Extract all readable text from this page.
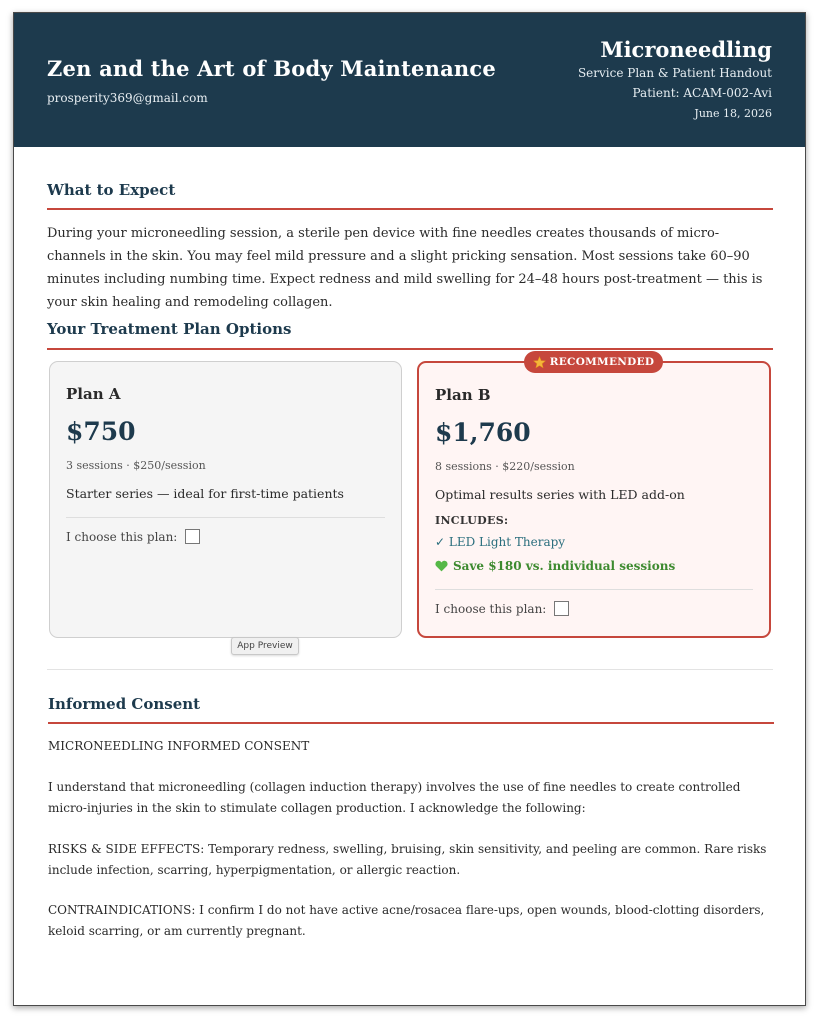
Zen and the Art of Body Maintenance
prosperity369@gmail.com
Microneedling
Service Plan & Patient Handout
Patient: ACAM-002-Avi
June 18, 2026
What to Expect
During your microneedling session, a sterile pen device with fine needles creates thousands of micro-channels in the skin. You may feel mild pressure and a slight pricking sensation. Most sessions take 60–90 minutes including numbing time. Expect redness and mild swelling for 24–48 hours post-treatment — this is your skin healing and remodeling collagen.
Your Treatment Plan Options
Plan A
$750
3 sessions · $250/session
Starter series — ideal for first-time patients
I choose this plan:
Plan B
$1,760
8 sessions · $220/session
Optimal results series with LED add-on
INCLUDES:
✓ LED Light Therapy
Save $180 vs. individual sessions
I choose this plan:
RECOMMENDED
App Preview
Informed Consent
MICRONEEDLING INFORMED CONSENT
I understand that microneedling (collagen induction therapy) involves the use of fine needles to create controlled micro-injuries in the skin to stimulate collagen production. I acknowledge the following:
RISKS & SIDE EFFECTS: Temporary redness, swelling, bruising, skin sensitivity, and peeling are common. Rare risks include infection, scarring, hyperpigmentation, or allergic reaction.
CONTRAINDICATIONS: I confirm I do not have active acne/rosacea flare-ups, open wounds, blood-clotting disorders, keloid scarring, or am currently pregnant.
